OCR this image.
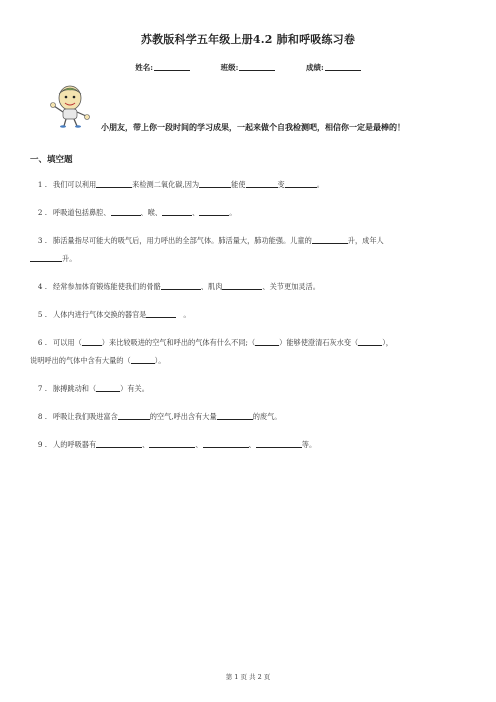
苏教版科学五年级上册4.2 肺和呼吸练习卷
姓名:	班级:	成绩:
小朋友，带上你一段时间的学习成果，一起来做个自我检测吧，相信你一定是最棒的！
一、填空题
1 . 我们可以利用	来检测二氧化碳,因为	能使	变	。
2 . 呼吸道包括鼻腔、	、喉、	、	。
3 . 肺活量指尽可能大的吸气后，用力呼出的全部气体。肺活量大，肺功能强。儿童的	升，成年人
升。
4 . 经常参加体育锻炼能使我们的骨骼	、肌肉	、关节更加灵活。
5 . 人体内进行气体交换的器官是	。
6 . 可以用（	）来比较吸进的空气和呼出的气体有什么不同;（	）能够使澄清石灰水变（	），
说明呼出的气体中含有大量的（	）。
7 . 脉搏跳动和（	）有关。
8 . 呼吸让我们吸进富含	的空气,呼出含有大量	的废气。
9 . 人的呼吸器有	、	、	、	等。
第 1 页 共 2 页
